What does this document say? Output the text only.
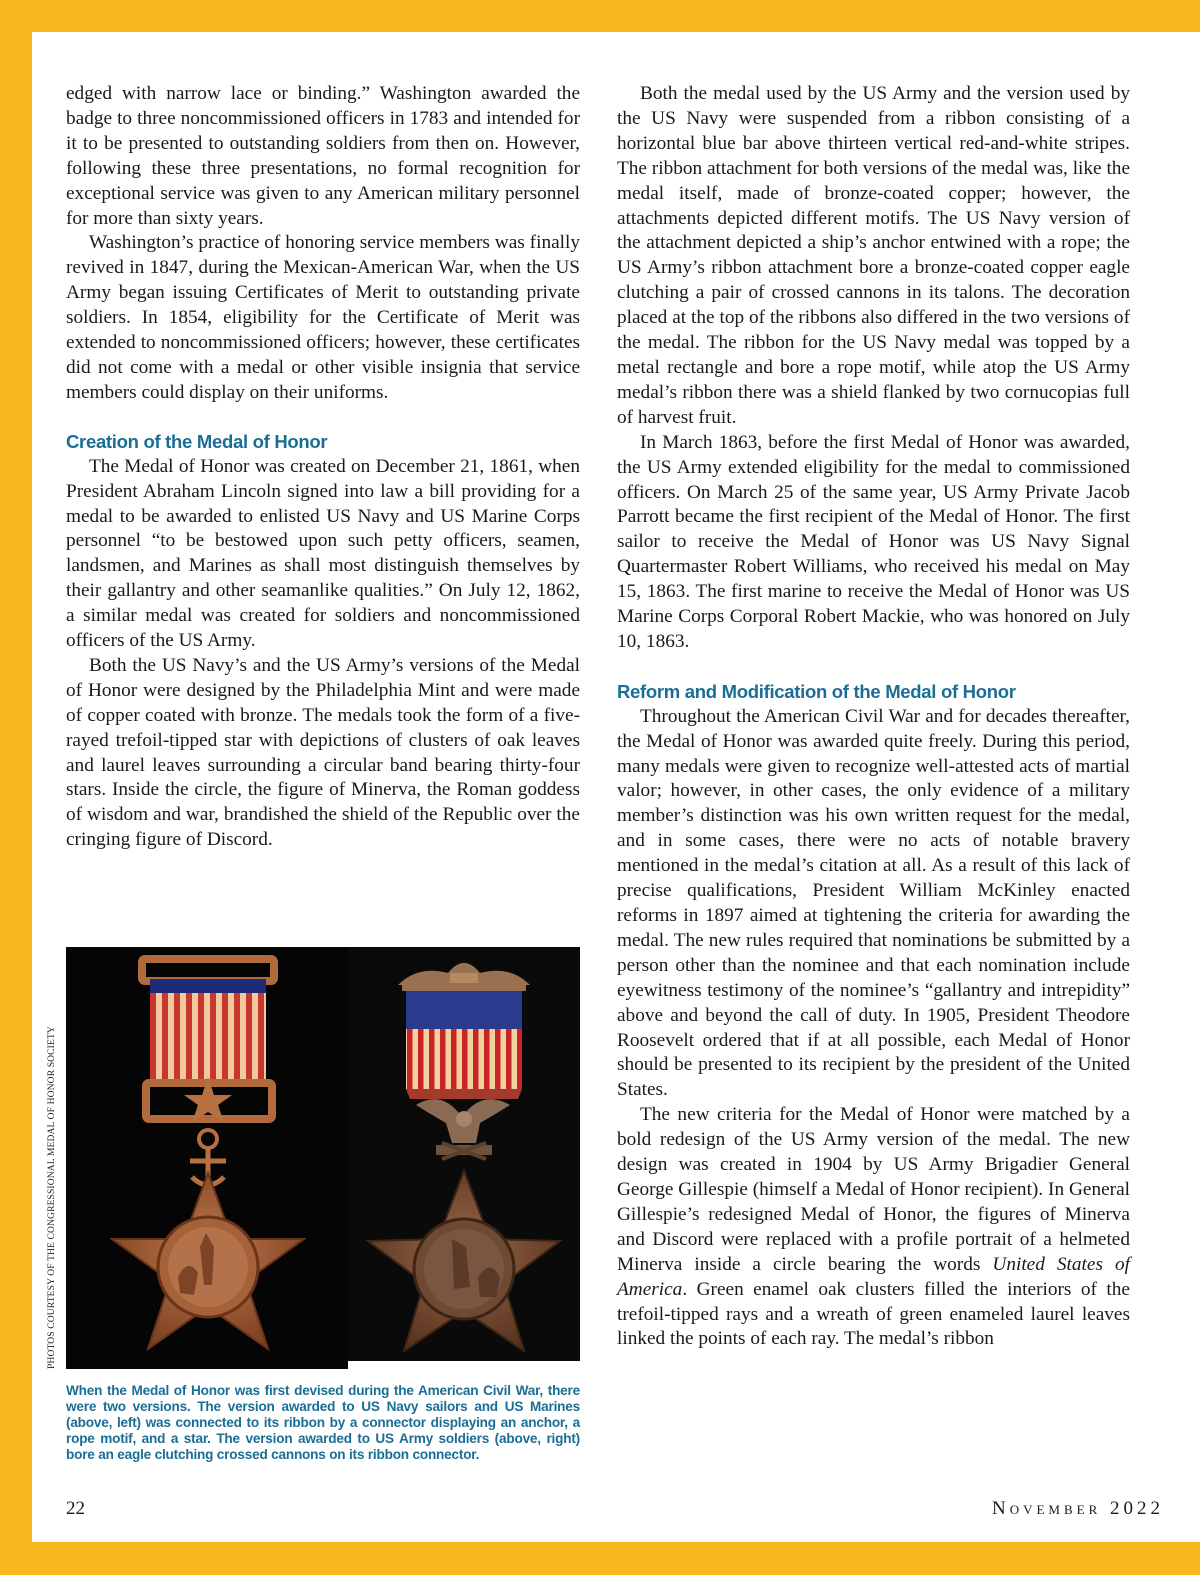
edged with narrow lace or binding.” Washington awarded the badge to three noncommissioned officers in 1783 and intended for it to be presented to outstanding soldiers from then on. However, following these three presentations, no formal recognition for exceptional service was given to any American military personnel for more than sixty years.

Washington’s practice of honoring service members was finally revived in 1847, during the Mexican-American War, when the US Army began issuing Certificates of Merit to outstanding private soldiers. In 1854, eligibility for the Certificate of Merit was extended to noncommissioned officers; however, these certificates did not come with a medal or other visible insignia that service members could display on their uniforms.

Creation of the Medal of Honor

The Medal of Honor was created on December 21, 1861, when President Abraham Lincoln signed into law a bill providing for a medal to be awarded to enlisted US Navy and US Marine Corps personnel “to be bestowed upon such petty officers, seamen, landsmen, and Marines as shall most distinguish themselves by their gallantry and other seamanlike qualities.” On July 12, 1862, a similar medal was created for soldiers and noncommissioned officers of the US Army.

Both the US Navy’s and the US Army’s versions of the Medal of Honor were designed by the Philadelphia Mint and were made of copper coated with bronze. The medals took the form of a five-rayed trefoil-tipped star with depictions of clusters of oak leaves and laurel leaves surrounding a circular band bearing thirty-four stars. Inside the circle, the figure of Minerva, the Roman goddess of wisdom and war, brandished the shield of the Republic over the cringing figure of Discord.

PHOTOS COURTESY OF THE CONGRESSIONAL MEDAL OF HONOR SOCIETY
When the Medal of Honor was first devised during the American Civil War, there were two versions. The version awarded to US Navy sailors and US Marines (above, left) was connected to its ribbon by a connector displaying an anchor, a rope motif, and a star. The version awarded to US Army soldiers (above, right) bore an eagle clutching crossed cannons on its ribbon connector.

Both the medal used by the US Army and the version used by the US Navy were suspended from a ribbon consisting of a horizontal blue bar above thirteen vertical red-and-white stripes. The ribbon attachment for both versions of the medal was, like the medal itself, made of bronze-coated copper; however, the attachments depicted different motifs. The US Navy version of the attachment depicted a ship’s anchor entwined with a rope; the US Army’s ribbon attachment bore a bronze-coated copper eagle clutching a pair of crossed cannons in its talons. The decoration placed at the top of the ribbons also differed in the two versions of the medal. The ribbon for the US Navy medal was topped by a metal rectangle and bore a rope motif, while atop the US Army medal’s ribbon there was a shield flanked by two cornucopias full of harvest fruit.

In March 1863, before the first Medal of Honor was awarded, the US Army extended eligibility for the medal to commissioned officers. On March 25 of the same year, US Army Private Jacob Parrott became the first recipient of the Medal of Honor. The first sailor to receive the Medal of Honor was US Navy Signal Quartermaster Robert Williams, who received his medal on May 15, 1863. The first marine to receive the Medal of Honor was US Marine Corps Corporal Robert Mackie, who was honored on July 10, 1863.

Reform and Modification of the Medal of Honor

Throughout the American Civil War and for decades thereafter, the Medal of Honor was awarded quite freely. During this period, many medals were given to recognize well-attested acts of martial valor; however, in other cases, the only evidence of a military member’s distinction was his own written request for the medal, and in some cases, there were no acts of notable bravery mentioned in the medal’s citation at all. As a result of this lack of precise qualifications, President William McKinley enacted reforms in 1897 aimed at tightening the criteria for awarding the medal. The new rules required that nominations be submitted by a person other than the nominee and that each nomination include eyewitness testimony of the nominee’s “gallantry and intrepidity” above and beyond the call of duty. In 1905, President Theodore Roosevelt ordered that if at all possible, each Medal of Honor should be presented to its recipient by the president of the United States.

The new criteria for the Medal of Honor were matched by a bold redesign of the US Army version of the medal. The new design was created in 1904 by US Army Brigadier General George Gillespie (himself a Medal of Honor recipient). In General Gillespie’s redesigned Medal of Honor, the figures of Minerva and Discord were replaced with a profile portrait of a helmeted Minerva inside a circle bearing the words United States of America. Green enamel oak clusters filled the interiors of the trefoil-tipped rays and a wreath of green enameled laurel leaves linked the points of each ray. The medal’s ribbon

22	November 2022
